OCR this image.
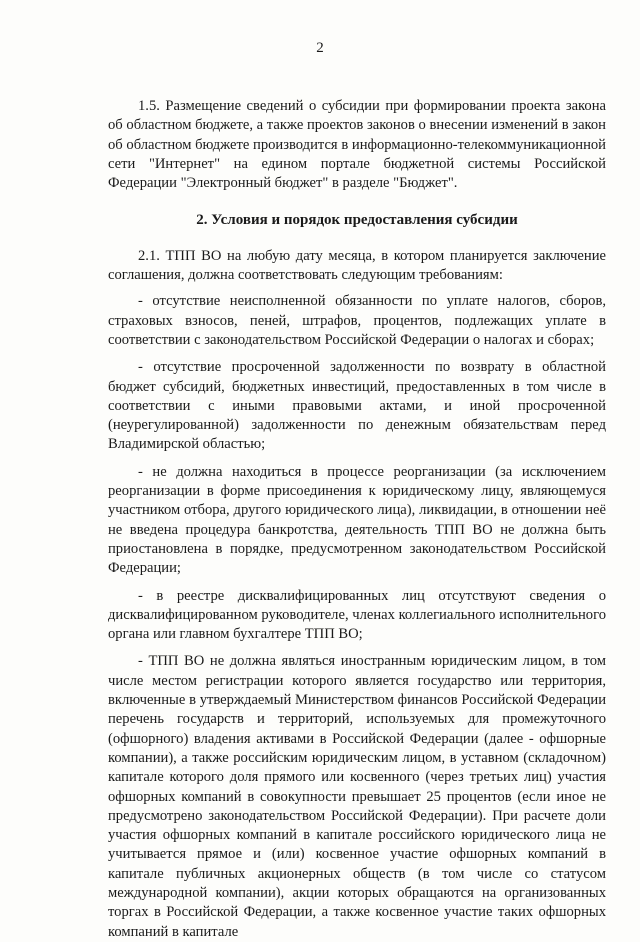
2

1.5. Размещение сведений о субсидии при формировании проекта закона об областном бюджете, а также проектов законов о внесении изменений в закон об областном бюджете производится в информационно-телекоммуникационной сети "Интернет" на едином портале бюджетной системы Российской Федерации "Электронный бюджет" в разделе "Бюджет".

2. Условия и порядок предоставления субсидии

2.1. ТПП ВО на любую дату месяца, в котором планируется заключение соглашения, должна соответствовать следующим требованиям:

- отсутствие неисполненной обязанности по уплате налогов, сборов, страховых взносов, пеней, штрафов, процентов, подлежащих уплате в соответствии с законодательством Российской Федерации о налогах и сборах;

- отсутствие просроченной задолженности по возврату в областной бюджет субсидий, бюджетных инвестиций, предоставленных в том числе в соответствии с иными правовыми актами, и иной просроченной (неурегулированной) задолженности по денежным обязательствам перед Владимирской областью;

- не должна находиться в процессе реорганизации (за исключением реорганизации в форме присоединения к юридическому лицу, являющемуся участником отбора, другого юридического лица), ликвидации, в отношении неё не введена процедура банкротства, деятельность ТПП ВО не должна быть приостановлена в порядке, предусмотренном законодательством Российской Федерации;

- в реестре дисквалифицированных лиц отсутствуют сведения о дисквалифицированном руководителе, членах коллегиального исполнительного органа или главном бухгалтере ТПП ВО;

- ТПП ВО не должна являться иностранным юридическим лицом, в том числе местом регистрации которого является государство или территория, включенные в утверждаемый Министерством финансов Российской Федерации перечень государств и территорий, используемых для промежуточного (офшорного) владения активами в Российской Федерации (далее - офшорные компании), а также российским юридическим лицом, в уставном (складочном) капитале которого доля прямого или косвенного (через третьих лиц) участия офшорных компаний в совокупности превышает 25 процентов (если иное не предусмотрено законодательством Российской Федерации). При расчете доли участия офшорных компаний в капитале российского юридического лица не учитывается прямое и (или) косвенное участие офшорных компаний в капитале публичных акционерных обществ (в том числе со статусом международной компании), акции которых обращаются на организованных торгах в Российской Федерации, а также косвенное участие таких офшорных компаний в капитале
